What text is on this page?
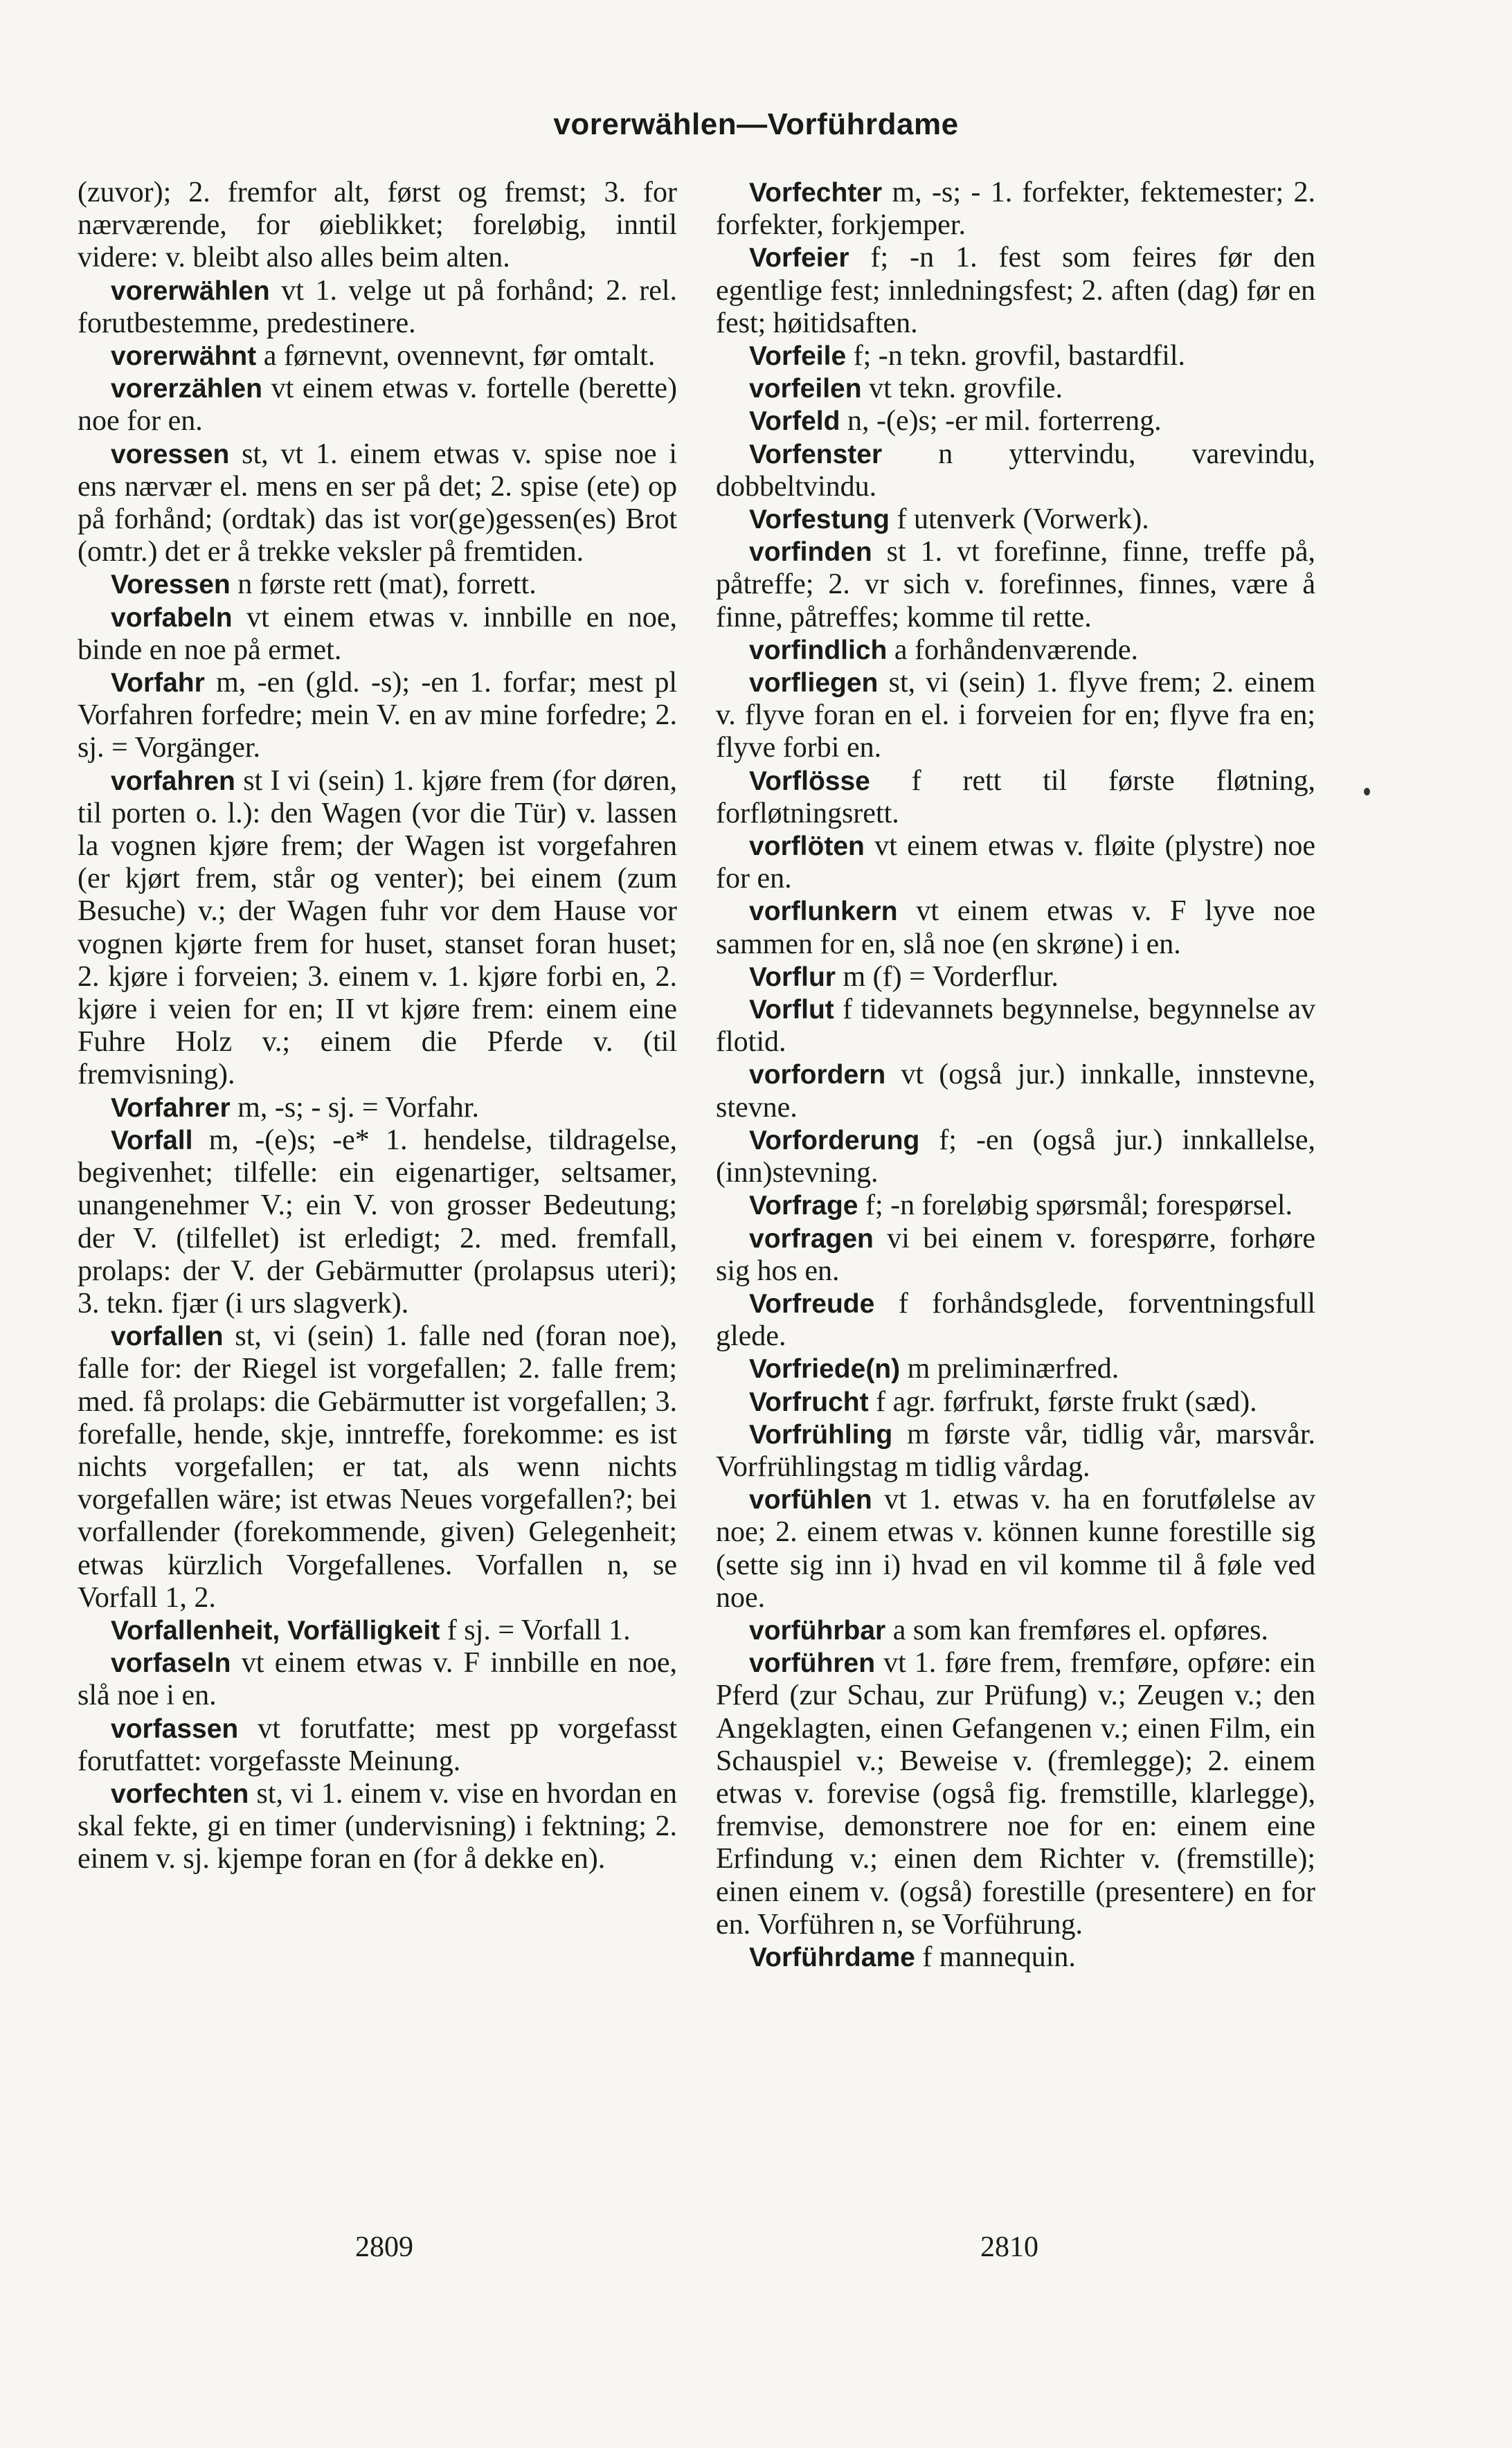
vorerwählen—Vorführdame

(zuvor); 2. fremfor alt, først og fremst; 3. for nærværende, for øieblikket; foreløbig, inntil videre: v. bleibt also alles beim alten.

vorerwählen vt 1. velge ut på forhånd; 2. rel. forutbestemme, predestinere.

vorerwähnt a førnevnt, ovennevnt, før omtalt.

vorerzählen vt einem etwas v. fortelle (berette) noe for en.

voressen st, vt 1. einem etwas v. spise noe i ens nærvær el. mens en ser på det; 2. spise (ete) op på forhånd; (ordtak) das ist vor(ge)gessen(es) Brot (omtr.) det er å trekke veksler på fremtiden.

Voressen n første rett (mat), forrett.

vorfabeln vt einem etwas v. innbille en noe, binde en noe på ermet.

Vorfahr m, -en (gld. -s); -en 1. forfar; mest pl Vorfahren forfedre; mein V. en av mine forfedre; 2. sj. = Vorgänger.

vorfahren st I vi (sein) 1. kjøre frem (for døren, til porten o. l.): den Wagen (vor die Tür) v. lassen la vognen kjøre frem; der Wagen ist vorgefahren (er kjørt frem, står og venter); bei einem (zum Besuche) v.; der Wagen fuhr vor dem Hause vor vognen kjørte frem for huset, stanset foran huset; 2. kjøre i forveien; 3. einem v. 1. kjøre forbi en, 2. kjøre i veien for en; II vt kjøre frem: einem eine Fuhre Holz v.; einem die Pferde v. (til fremvisning).

Vorfahrer m, -s; - sj. = Vorfahr.

Vorfall m, -(e)s; -e* 1. hendelse, tildragelse, begivenhet; tilfelle: ein eigenartiger, seltsamer, unangenehmer V.; ein V. von grosser Bedeutung; der V. (tilfellet) ist erledigt; 2. med. fremfall, prolaps: der V. der Gebärmutter (prolapsus uteri); 3. tekn. fjær (i urs slagverk).

vorfallen st, vi (sein) 1. falle ned (foran noe), falle for: der Riegel ist vorgefallen; 2. falle frem; med. få prolaps: die Gebärmutter ist vorgefallen; 3. forefalle, hende, skje, inntreffe, forekomme: es ist nichts vorgefallen; er tat, als wenn nichts vorgefallen wäre; ist etwas Neues vorgefallen?; bei vorfallender (forekommende, given) Gelegenheit; etwas kürzlich Vorgefallenes. Vorfallen n, se Vorfall 1, 2.

Vorfallenheit, Vorfälligkeit f sj. = Vorfall 1.

vorfaseln vt einem etwas v. F innbille en noe, slå noe i en.

vorfassen vt forutfatte; mest pp vorgefasst forutfattet: vorgefasste Meinung.

vorfechten st, vi 1. einem v. vise en hvordan en skal fekte, gi en timer (undervisning) i fektning; 2. einem v. sj. kjempe foran en (for å dekke en).

Vorfechter m, -s; - 1. forfekter, fektemester; 2. forfekter, forkjemper.

Vorfeier f; -n 1. fest som feires før den egentlige fest; innledningsfest; 2. aften (dag) før en fest; høitidsaften.

Vorfeile f; -n tekn. grovfil, bastardfil.

vorfeilen vt tekn. grovfile.

Vorfeld n, -(e)s; -er mil. forterreng.

Vorfenster n yttervindu, varevindu, dobbeltvindu.

Vorfestung f utenverk (Vorwerk).

vorfinden st 1. vt forefinne, finne, treffe på, påtreffe; 2. vr sich v. forefinnes, finnes, være å finne, påtreffes; komme til rette.

vorfindlich a forhåndenværende.

vorfliegen st, vi (sein) 1. flyve frem; 2. einem v. flyve foran en el. i forveien for en; flyve fra en; flyve forbi en.

Vorflösse f rett til første fløtning, forfløtningsrett.

vorflöten vt einem etwas v. fløite (plystre) noe for en.

vorflunkern vt einem etwas v. F lyve noe sammen for en, slå noe (en skrøne) i en.

Vorflur m (f) = Vorderflur.

Vorflut f tidevannets begynnelse, begynnelse av flotid.

vorfordern vt (også jur.) innkalle, innstevne, stevne.

Vorforderung f; -en (også jur.) innkallelse, (inn)stevning.

Vorfrage f; -n foreløbig spørsmål; forespørsel.

vorfragen vi bei einem v. forespørre, forhøre sig hos en.

Vorfreude f forhåndsglede, forventningsfull glede.

Vorfriede(n) m preliminærfred.

Vorfrucht f agr. førfrukt, første frukt (sæd).

Vorfrühling m første vår, tidlig vår, marsvår. Vorfrühlingstag m tidlig vårdag.

vorfühlen vt 1. etwas v. ha en forutfølelse av noe; 2. einem etwas v. können kunne forestille sig (sette sig inn i) hvad en vil komme til å føle ved noe.

vorführbar a som kan fremføres el. opføres.

vorführen vt 1. føre frem, fremføre, opføre: ein Pferd (zur Schau, zur Prüfung) v.; Zeugen v.; den Angeklagten, einen Gefangenen v.; einen Film, ein Schauspiel v.; Beweise v. (fremlegge); 2. einem etwas v. forevise (også fig. fremstille, klarlegge), fremvise, demonstrere noe for en: einem eine Erfindung v.; einen dem Richter v. (fremstille); einen einem v. (også) forestille (presentere) en for en. Vorführen n, se Vorführung.

Vorführdame f mannequin.

2809	2810
